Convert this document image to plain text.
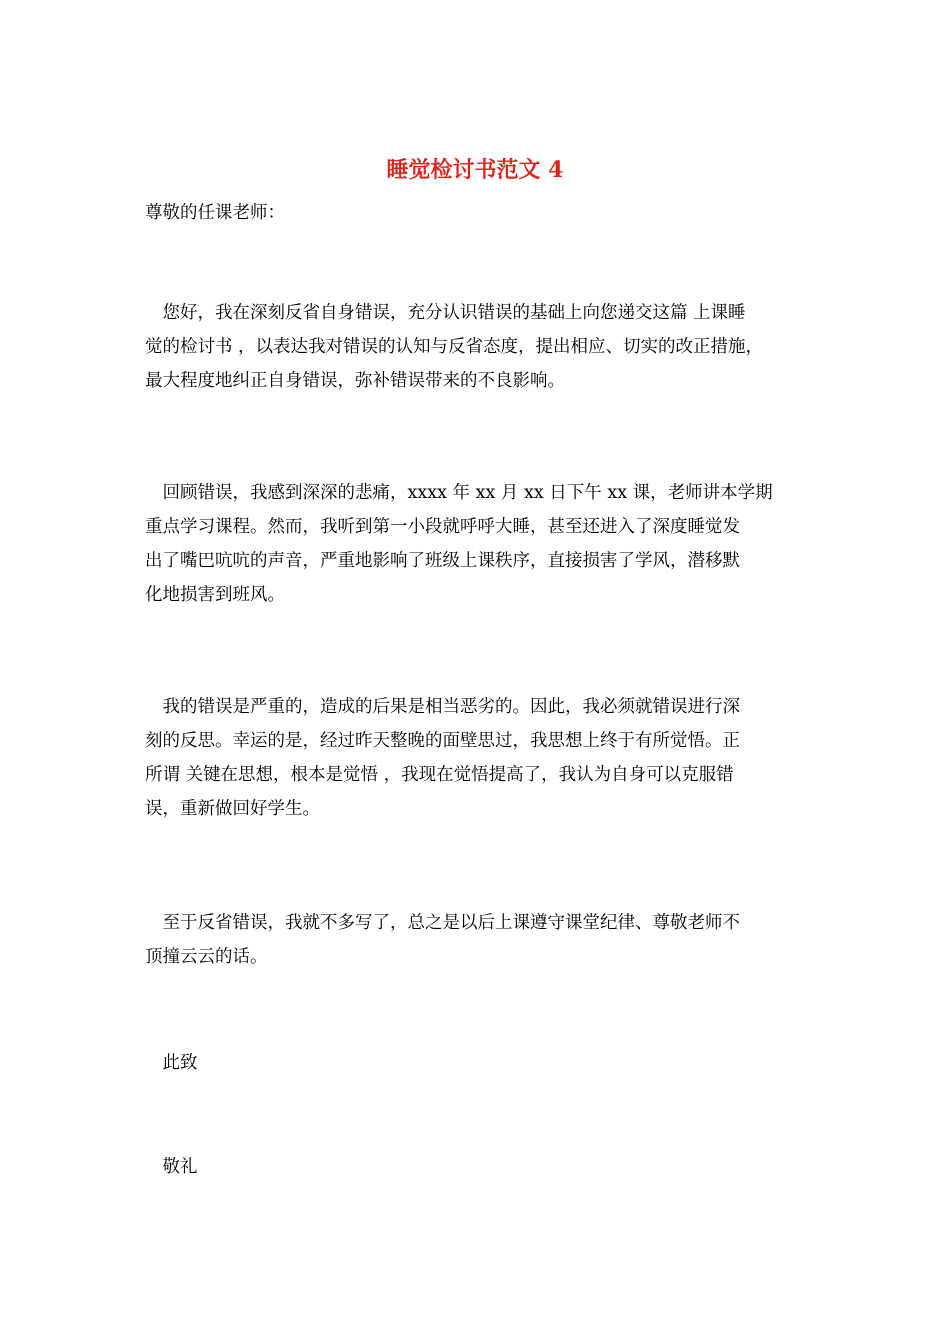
睡觉检讨书范文 4
尊敬的任课老师：
　您好，我在深刻反省自身错误，充分认识错误的基础上向您递交这篇 上课睡
觉的检讨书 ，以表达我对错误的认知与反省态度，提出相应、切实的改正措施，
最大程度地纠正自身错误，弥补错误带来的不良影响。
　回顾错误，我感到深深的悲痛，xxxx 年 xx 月 xx 日下午 xx 课，老师讲本学期
重点学习课程。然而，我听到第一小段就呼呼大睡，甚至还进入了深度睡觉发
出了嘴巴吭吭的声音，严重地影响了班级上课秩序，直接损害了学风，潜移默
化地损害到班风。
　我的错误是严重的，造成的后果是相当恶劣的。因此，我必须就错误进行深
刻的反思。幸运的是，经过昨天整晚的面壁思过，我思想上终于有所觉悟。正
所谓 关键在思想，根本是觉悟 ，我现在觉悟提高了，我认为自身可以克服错
误，重新做回好学生。
　至于反省错误，我就不多写了，总之是以后上课遵守课堂纪律、尊敬老师不
顶撞云云的话。
　此致
　敬礼
